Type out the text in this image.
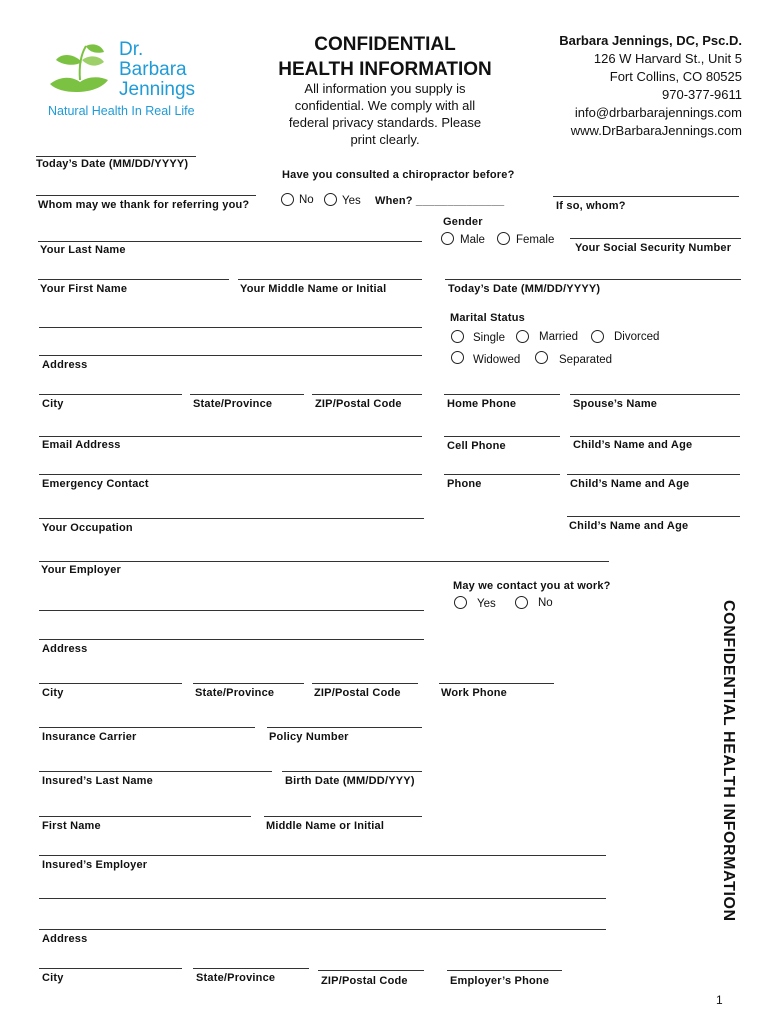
Dr.
Barbara
Jennings
Natural Health In Real Life
CONFIDENTIAL
HEALTH INFORMATION
All information you supply is
confidential. We comply with all
federal privacy standards. Please
print clearly.
Barbara Jennings, DC, Psc.D.
126 W Harvard St., Unit 5
Fort Collins, CO 80525
970-377-9611
info@drbarbarajennings.com
www.DrBarbaraJennings.com
Today’s Date (MM/DD/YYYY)
Have you consulted a chiropractor before?
Whom may we thank for referring you?	No Yes When? ______________	If so, whom?
Gender
Male	Female
Your Social Security Number
Your Last Name
Your First Name	Your Middle Name or Initial	Today’s Date (MM/DD/YYYY)
Address
Marital Status
Single	Married	Divorced
Widowed	Separated
City	State/Province	ZIP/Postal Code	Home Phone	Spouse’s Name
Email Address	Cell Phone	Child’s Name and Age
Emergency Contact	Phone	Child’s Name and Age
Your Occupation	Child’s Name and Age
Your Employer
May we contact you at work?
Yes	No
Address
City	State/Province	ZIP/Postal Code	Work Phone
Insurance Carrier	Policy Number
Insured’s Last Name	Birth Date (MM/DD/YYY)
First Name	Middle Name or Initial
Insured’s Employer
Address
City	State/Province	ZIP/Postal Code	Employer’s Phone
CONFIDENTIAL HEALTH INFORMATION
1
